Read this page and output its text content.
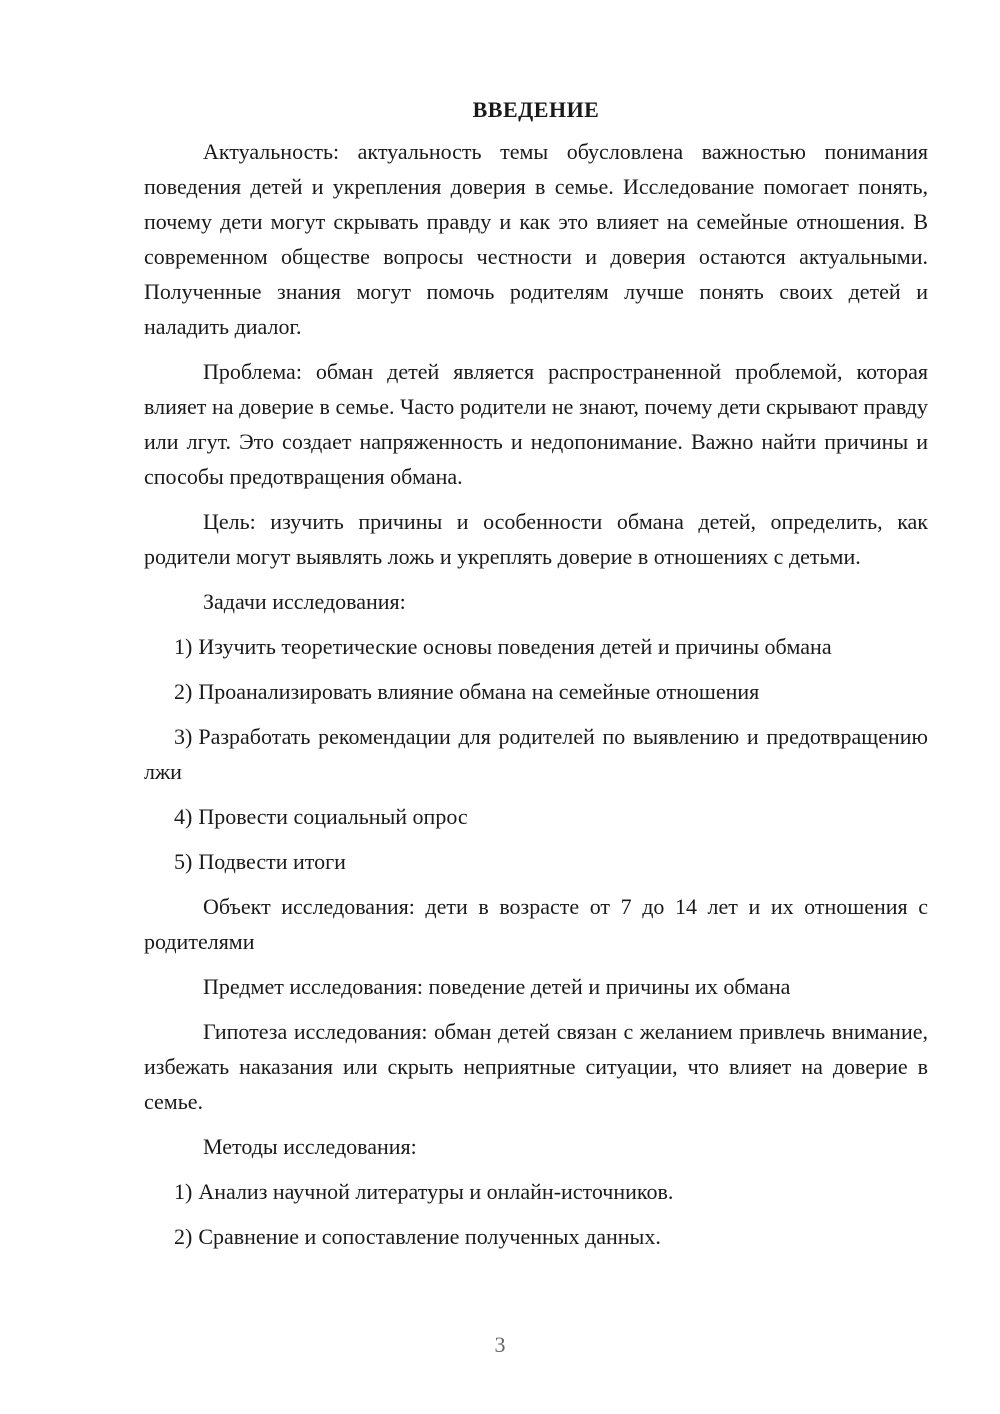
ВВЕДЕНИЕ

Актуальность: актуальность темы обусловлена важностью понимания поведения детей и укрепления доверия в семье. Исследование помогает понять, почему дети могут скрывать правду и как это влияет на семейные отношения. В современном обществе вопросы честности и доверия остаются актуальными. Полученные знания могут помочь родителям лучше понять своих детей и наладить диалог.

Проблема: обман детей является распространенной проблемой, которая влияет на доверие в семье. Часто родители не знают, почему дети скрывают правду или лгут. Это создает напряженность и недопонимание. Важно найти причины и способы предотвращения обмана.

Цель: изучить причины и особенности обмана детей, определить, как родители могут выявлять ложь и укреплять доверие в отношениях с детьми.

Задачи исследования:

1) Изучить теоретические основы поведения детей и причины обмана

2) Проанализировать влияние обмана на семейные отношения

3) Разработать рекомендации для родителей по выявлению и предотвращению лжи

4) Провести социальный опрос

5) Подвести итоги

Объект исследования: дети в возрасте от 7 до 14 лет и их отношения с родителями

Предмет исследования: поведение детей и причины их обмана

Гипотеза исследования: обман детей связан с желанием привлечь внимание, избежать наказания или скрыть неприятные ситуации, что влияет на доверие в семье.

Методы исследования:

1) Анализ научной литературы и онлайн-источников.

2) Сравнение и сопоставление полученных данных.

3
